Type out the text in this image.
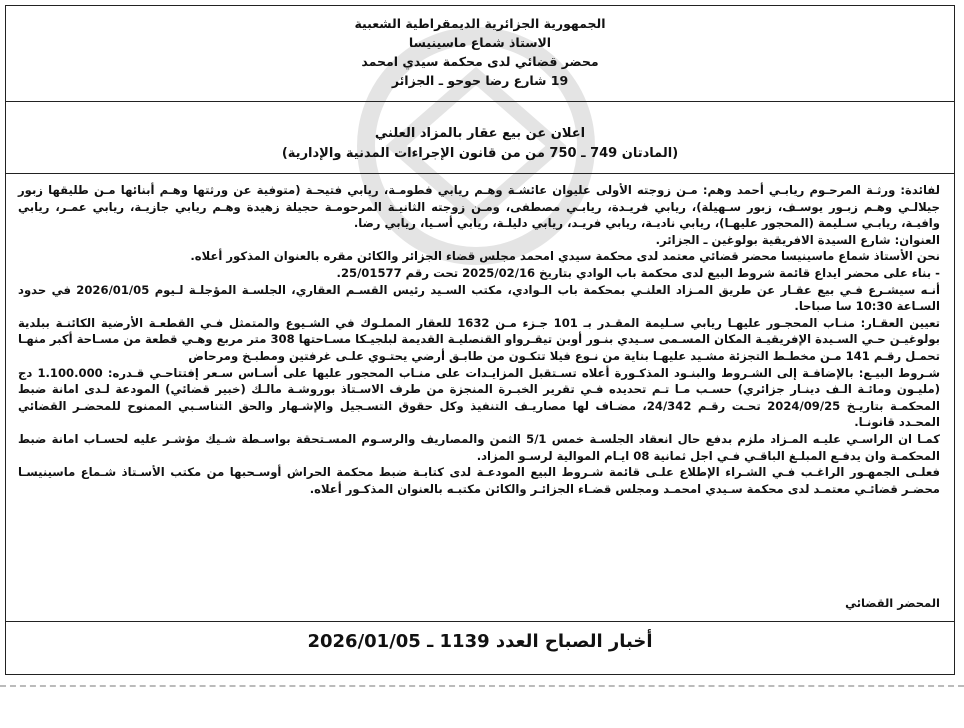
الجمهورية الجزائرية الديمقراطية الشعبية
الاستاذ شماع ماسينيسا
محضر قضائي لدى محكمة سيدي امحمد
19 شارع رضا حوحو ـ الجزائر
اعلان عن بيع عقار بالمزاد العلني
(المادتان 749 ـ 750 من من قانون الإجراءات المدنية والإدارية)

لفائدة: ورثـة المرحـوم ريابـي أحمد وهم: مـن زوجته الأولى عليوان عائشـة وهـم ريابي فطومـة، ريابي فتيحـة (متوفية عن ورثتها وهـم أبنائها مـن طليقها زبور جيلالـي وهـم زبـور يوسـف، زبور سـهيلة)، ريابي فريـدة، ريابـي مصطفى، ومـن زوجته الثانيـة المرحومـة حجيلة زهيدة وهـم ريابي جازيـة، ريابي عمـر، ريابي وافيـة، ريابـي سـليمة (المحجور عليهـا)، ريابي ناديـة، ريابي فريـد، ريابي دليلـة، ريابي أسـيا، ريابي رضا.

العنوان: شارع السيدة الافريقية بولوغين ـ الجزائر.

نحن الأستاذ شماع ماسينيسا محضر قضائي معتمد لدى محكمة سيدي امحمد مجلس قضاء الجزائر والكائن مقره بالعنوان المذكور أعلاه.

- بناء على محضر ايداع قائمة شروط البيع لدى محكمة باب الوادي بتاريخ 2025/02/16 تحت رقم 25/01577.

أنـه سيشـرع فـي بيع عقـار عن طريق المـزاد العلنـي بمحكمة باب الـوادي، مكتب السـيد رئيس القسـم العقاري، الجلسـة المؤجلـة لـيوم 2026/01/05 في حدود السـاعة 10:30 سا صباحا.

تعيين العقـار: منـاب المحجـور عليهـا ريابي سـليمة المقـدر بـ 101 جـزء مـن 1632 للعقار المملـوك في الشـيوع والمتمثل فـي القطعـة الأرضية الكائنـة ببلدية بولوغيـن حـي السـيدة الإفريقيـة المكان المسـمى سـيدي بنـور أوبن تيقـرواو القنصليـة القديمة لبلجيـكا مسـاحتها 308 متر مربع وهـي قطعة من مسـاحة أكبر منهـا تحمـل رقـم 141 مـن مخطـط التجزئة مشـيد عليهـا بناية من نـوع فيلا تتكـون من طابـق أرضي يحتـوي علـى غرفتين ومطبـخ ومرحاض

شـروط البيـع: بالإضافـة إلى الشـروط والبنـود المذكـورة أعلاه تسـتقبل المزايـدات على منـاب المحجور عليها على أسـاس سـعر إفتتاحـي قـدره: 1.100.000 دج (مليـون ومائـة الـف دينـار جزائري) حسـب مـا تـم تحديده فـي تقرير الخبـرة المنجزة من طرف الاسـتاذ بوروشـة مالـك (خبير قضائي) المودعة لـدى امانة ضبط المحكمـة بتاريـخ 2024/09/25 تحـت رقـم 24/342، مضـاف لها مصاريـف التنفيذ وكل حقوق التسـجيل والإشـهار والحق التناسـبي الممنوح للمحضـر القضائي المحـدد قانونـا.

كمـا ان الراسـي عليـه المـزاد ملزم بدفع حال انعقاد الجلسـة خمس 5/1 الثمن والمصاريف والرسـوم المسـتحقة بواسـطة شـيك مؤشـر عليه لحسـاب امانة ضبط المحكمـة وان يدفـع المبلـغ الباقـي فـي اجل ثمانية 08 ايـام الموالية لرسـو المزاد.

فعلـى الجمهـور الراغـب فـي الشـراء الإطلاع علـى قائمة شـروط البيع المودعـة لدى كتابـة ضبط محكمة الحراش أوسـحبها من مكتب الأسـتاذ شـماع ماسينيسـا محضـر قضائـي معتمـد لدى محكمة سـيدي امحمـد ومجلس قضـاء الجزائـر والكائن مكتبـه بالعنوان المذكـور أعلاه.

المحضر القضائي
أخبار الصباح العدد 1139 ـ 2026/01/05
